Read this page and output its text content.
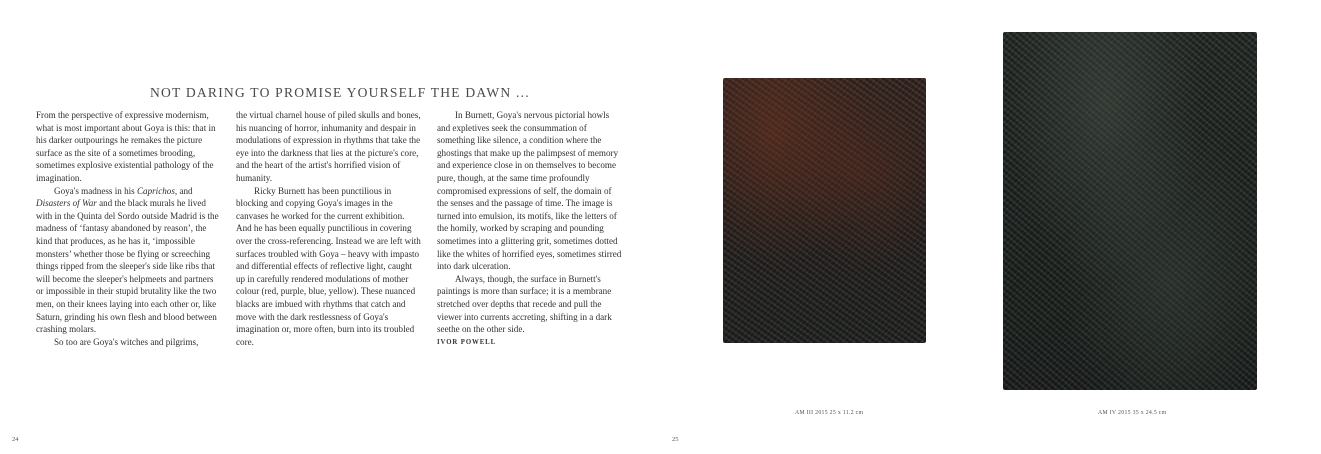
NOT DARING TO PROMISE YOURSELF THE DAWN ...

From the perspective of expressive modernism, what is most important about Goya is this: that in his darker outpourings he remakes the picture surface as the site of a sometimes brooding, sometimes explosive existential pathology of the imagination.

Goya's madness in his Caprichos, and Disasters of War and the black murals he lived with in the Quinta del Sordo outside Madrid is the madness of ‘fantasy abandoned by reason’, the kind that produces, as he has it, ‘impossible monsters’ whether those be flying or screeching things ripped from the sleeper's side like ribs that will become the sleeper's helpmeets and partners or impossible in their stupid brutality like the two men, on their knees laying into each other or, like Saturn, grinding his own flesh and blood between crashing molars.

So too are Goya's witches and pilgrims,

the virtual charnel house of piled skulls and bones, his nuancing of horror, inhumanity and despair in modulations of expression in rhythms that take the eye into the darkness that lies at the picture's core, and the heart of the artist's horrified vision of humanity.

Ricky Burnett has been punctilious in blocking and copying Goya's images in the canvases he worked for the current exhibition. And he has been equally punctilious in covering over the cross-referencing. Instead we are left with surfaces troubled with Goya – heavy with impasto and differential effects of reflective light, caught up in carefully rendered modulations of mother colour (red, purple, blue, yellow). These nuanced blacks are imbued with rhythms that catch and move with the dark restlessness of Goya's imagination or, more often, burn into its troubled core.

In Burnett, Goya's nervous pictorial howls and expletives seek the consummation of something like silence, a condition where the ghostings that make up the palimpsest of memory and experience close in on themselves to become pure, though, at the same time profoundly compromised expressions of self, the domain of the senses and the passage of time. The image is turned into emulsion, its motifs, like the letters of the homily, worked by scraping and pounding sometimes into a glittering grit, sometimes dotted like the whites of horrified eyes, sometimes stirred into dark ulceration.

Always, though, the surface in Burnett's paintings is more than surface; it is a membrane stretched over depths that recede and pull the viewer into currents accreting, shifting in a dark seethe on the other side.

IVOR POWELL
24
AM III 2015 25 x 11.2 cm	AM IV 2015 35 x 24.5 cm
25
